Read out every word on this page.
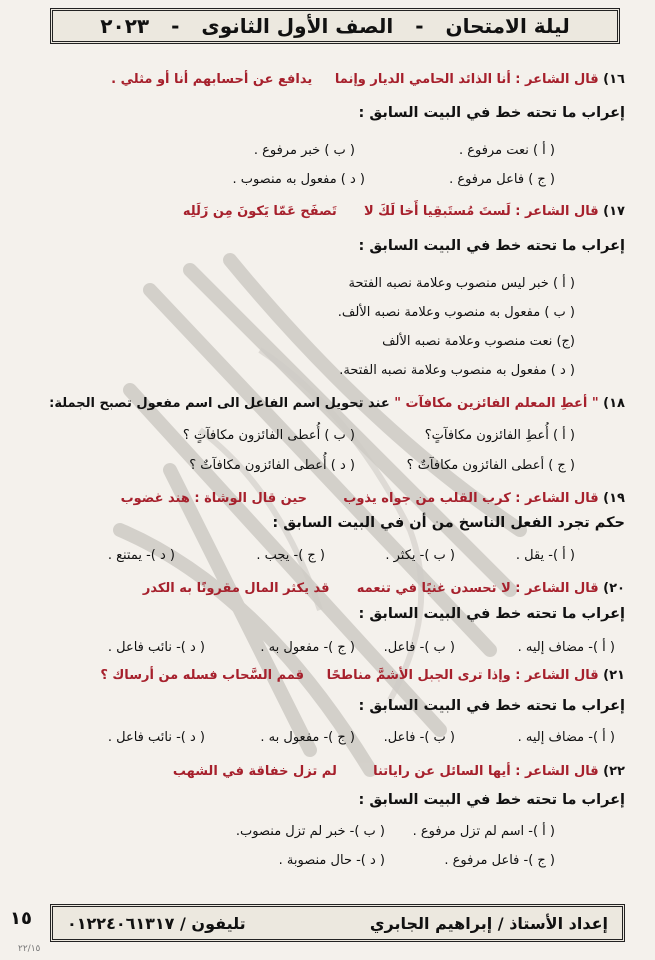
ليلة الامتحان
-
الصف الأول الثانوى
-
٢٠٢٣
١٦) قال الشاعر : أنا الذائد الحامي الديار وإنما     يدافع عن أحسابهم أنا أو مثلي .
إعراب ما تحته خط في البيت السابق :
( أ ) نعت مرفوع .
( ب ) خبر مرفوع .
( ج ) فاعل مرفوع .
( د ) مفعول به منصوب .
١٧) قال الشاعر : لَستَ مُستَبقِيا أَخا لَكَ لا      تَصفَح عَمّا يَكونَ مِن زَلَلِه
إعراب ما تحته خط في البيت السابق :
( أ ) خبر ليس منصوب وعلامة نصبه الفتحة
( ب ) مفعول به منصوب وعلامة نصبه الألف.
(ج) نعت منصوب وعلامة نصبه الألف
( د ) مفعول به منصوب وعلامة نصبه الفتحة.
١٨) " أعطِ المعلم الفائزين مكافآت " عند تحويل اسم الفاعل الى اسم مفعول تصبح الجملة:
( أ ) أُعطِ الفائزون مكافآتٍ؟
( ب ) أُعطى الفائزون مكافآتٍ ؟
( ج ) أعطى الفائزون مكافآتٌ ؟
( د ) أُعطى الفائزون مكافآتٌ ؟
١٩) قال الشاعر : كرب القلب من جواه يذوب        حين قال الوشاة : هند غضوب
حكم تجرد الفعل الناسخ من أن في البيت السابق :
( أ )- يقل .
( ب )- يكثر .
( ج )- يجب .
( د )- يمتنع .
٢٠) قال الشاعر : لا تحسدن غنيًا في تنعمه      قد يكثر المال مقرونًا به الكدر
إعراب ما تحته خط في البيت السابق :
( أ )- مضاف إليه .
( ب )- فاعل.
( ج )- مفعول به .
( د )- نائب فاعل .
٢١) قال الشاعر : وإذا ترى الجبل الأشمَّ مناطحًا     قمم السَّحاب فسله من أرساك ؟
إعراب ما تحته خط في البيت السابق :
( أ )- مضاف إليه .
( ب )- فاعل.
( ج )- مفعول به .
( د )- نائب فاعل .
٢٢) قال الشاعر : أيها السائل عن راياتنا        لم تزل خفاقة في الشهب
إعراب ما تحته خط في البيت السابق :
( أ )- اسم لم تزل مرفوع .
( ب )- خبر لم تزل منصوب.
( ج )- فاعل مرفوع .
( د )- حال منصوبة .
إعداد الأستاذ / إبراهيم الجابري
تليفون / ٠١٢٢٤٠٦١٣١٧
١٥
٢٢/١٥
